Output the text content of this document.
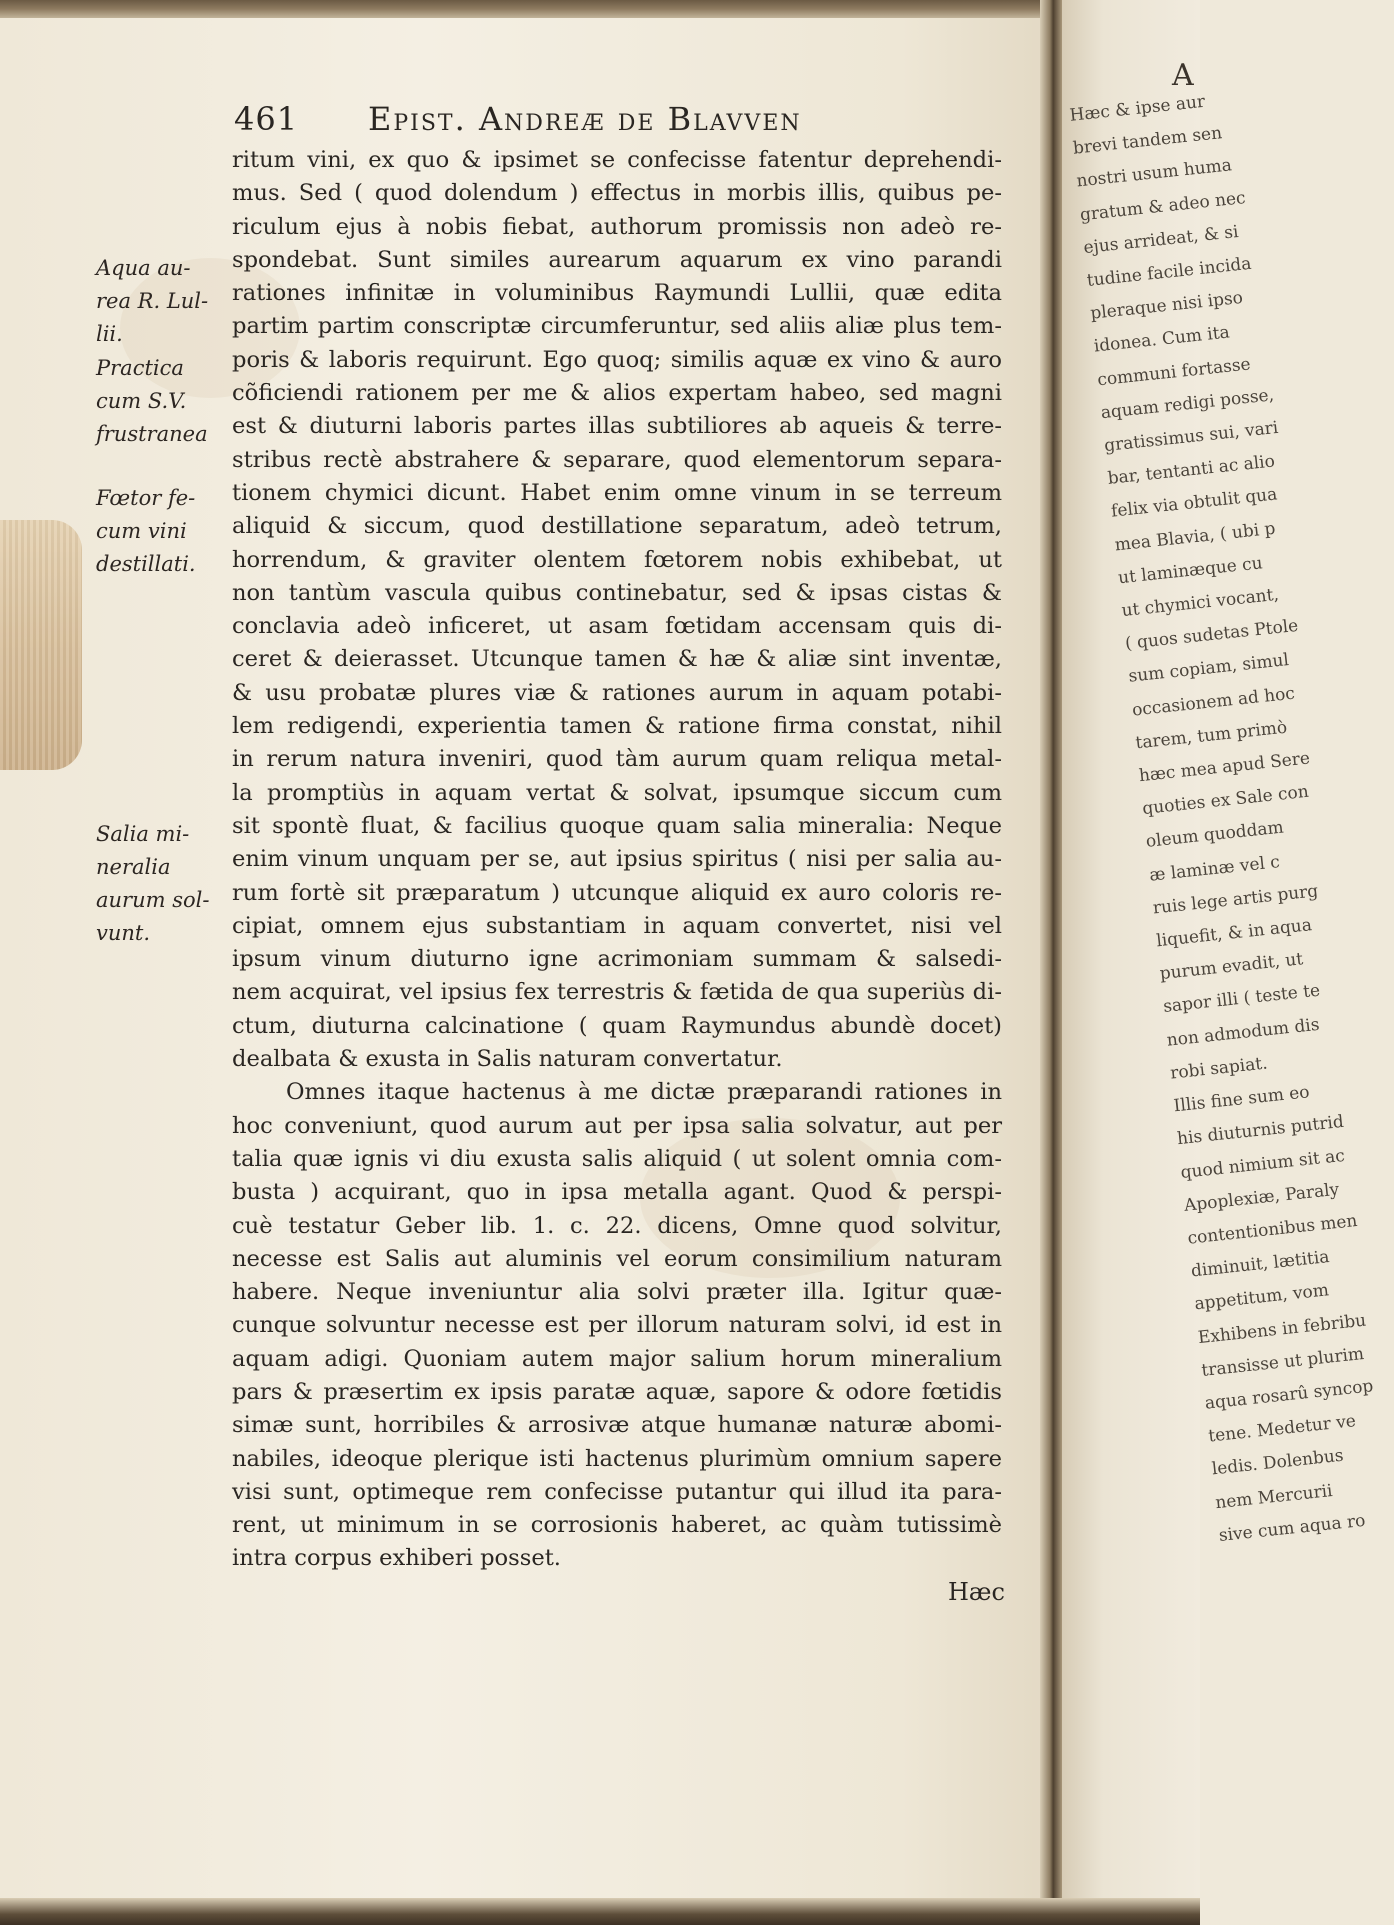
A
Hæc & ipse aur
brevi tandem sen
nostri usum huma
gratum & adeo nec
ejus arrideat, & si
tudine facile incida
pleraque nisi ipso
idonea. Cum ita
communi fortasse
aquam redigi posse,
gratissimus sui, vari
bar, tentanti ac alio
felix via obtulit qua
mea Blavia, ( ubi p
ut laminæque cu
ut chymici vocant,
( quos sudetas Ptole
sum copiam, simul
occasionem ad hoc
tarem, tum primò
hæc mea apud Sere
quoties ex Sale con
oleum quoddam
æ laminæ vel c
ruis lege artis purg
liquefit, & in aqua
purum evadit, ut
sapor illi ( teste te
non admodum dis
robi sapiat.
Illis fine sum eo
his diuturnis putrid
quod nimium sit ac
Apoplexiæ, Paraly
contentionibus men
diminuit, lætitia
appetitum, vom
Exhibens in febribu
transisse ut plurim
aqua rosarû syncop
tene. Medetur ve
ledis. Dolenbus
nem Mercurii
sive cum aqua ro
461 Epist. Andreæ de Blavven
ritum vini, ex quo & ipsimet se confecisse fatentur deprehendi-
mus. Sed ( quod dolendum ) effectus in morbis illis, quibus pe-
riculum ejus à nobis fiebat, authorum promissis non adeò re-
spondebat. Sunt similes aurearum aquarum ex vino parandi
rationes infinitæ in voluminibus Raymundi Lullii, quæ edita
partim partim conscriptæ circumferuntur, sed aliis aliæ plus tem-
poris & laboris requirunt. Ego quoq; similis aquæ ex vino & auro
cõficiendi rationem per me & alios expertam habeo, sed magni
est & diuturni laboris partes illas subtiliores ab aqueis & terre-
stribus rectè abstrahere & separare, quod elementorum separa-
tionem chymici dicunt. Habet enim omne vinum in se terreum
aliquid & siccum, quod destillatione separatum, adeò tetrum,
horrendum, & graviter olentem fœtorem nobis exhibebat, ut
non tantùm vascula quibus continebatur, sed & ipsas cistas &
conclavia adeò inficeret, ut asam fœtidam accensam quis di-
ceret & deierasset. Utcunque tamen & hæ & aliæ sint inventæ,
& usu probatæ plures viæ & rationes aurum in aquam potabi-
lem redigendi, experientia tamen & ratione firma constat, nihil
in rerum natura inveniri, quod tàm aurum quam reliqua metal-
la promptiùs in aquam vertat & solvat, ipsumque siccum cum
sit spontè fluat, & facilius quoque quam salia mineralia: Neque
enim vinum unquam per se, aut ipsius spiritus ( nisi per salia au-
rum fortè sit præparatum ) utcunque aliquid ex auro coloris re-
cipiat, omnem ejus substantiam in aquam convertet, nisi vel
ipsum vinum diuturno igne acrimoniam summam & salsedi-
nem acquirat, vel ipsius fex terrestris & fætida de qua superiùs di-
ctum, diuturna calcinatione ( quam Raymundus abundè docet)
dealbata & exusta in Salis naturam convertatur.
Omnes itaque hactenus à me dictæ præparandi rationes in
hoc conveniunt, quod aurum aut per ipsa salia solvatur, aut per
talia quæ ignis vi diu exusta salis aliquid ( ut solent omnia com-
busta ) acquirant, quo in ipsa metalla agant. Quod & perspi-
cuè testatur Geber lib. 1. c. 22. dicens, Omne quod solvitur,
necesse est Salis aut aluminis vel eorum consimilium naturam
habere. Neque inveniuntur alia solvi præter illa. Igitur quæ-
cunque solvuntur necesse est per illorum naturam solvi, id est in
aquam adigi. Quoniam autem major salium horum mineralium
pars & præsertim ex ipsis paratæ aquæ, sapore & odore fœtidis
simæ sunt, horribiles & arrosivæ atque humanæ naturæ abomi-
nabiles, ideoque plerique isti hactenus plurimùm omnium sapere
visi sunt, optimeque rem confecisse putantur qui illud ita para-
rent, ut minimum in se corrosionis haberet, ac quàm tutissimè
intra corpus exhiberi posset.
Aqua au-
rea R. Lul-
lii.
Practica
cum S.V.
frustranea
Fœtor fe-
cum vini
destillati.
Salia mi-
neralia
aurum sol-
vunt.
Hæc
